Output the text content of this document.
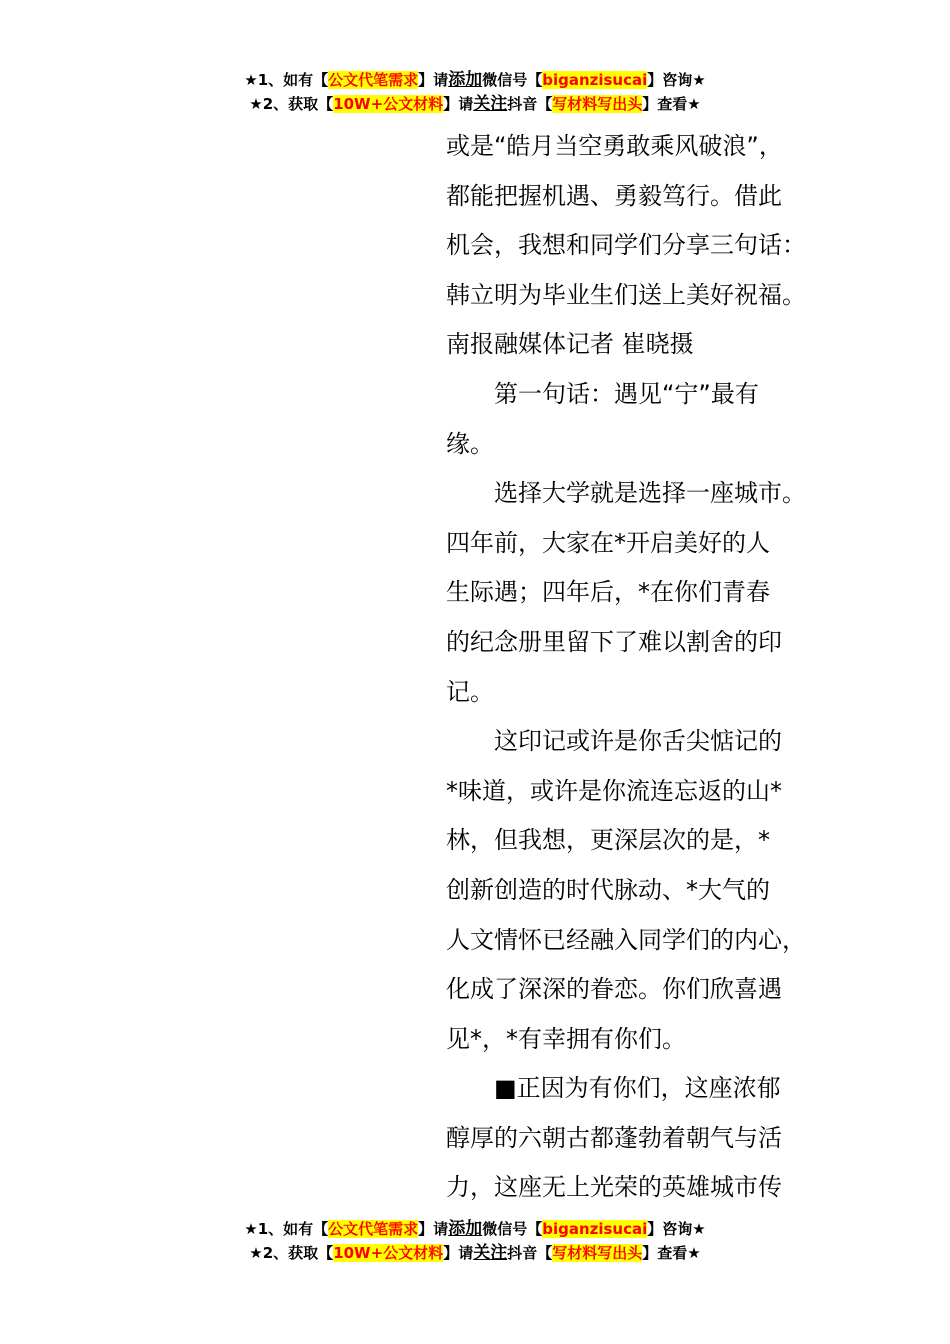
★1、如有【公文代笔需求】请添加微信号【biganzisucai】咨询★
★2、获取【10W+公文材料】请关注抖音【写材料写出头】查看★
或是“皓月当空勇敢乘风破浪”，
都能把握机遇、勇毅笃行。借此
机会，我想和同学们分享三句话：
韩立明为毕业生们送上美好祝福。
南报融媒体记者 崔晓摄
第一句话：遇见“宁”最有
缘。
选择大学就是选择一座城市。
四年前，大家在*开启美好的人
生际遇；四年后，*在你们青春
的纪念册里留下了难以割舍的印
记。
这印记或许是你舌尖惦记的
*味道，或许是你流连忘返的山*
林，但我想，更深层次的是，*
创新创造的时代脉动、*大气的
人文情怀已经融入同学们的内心，
化成了深深的眷恋。你们欣喜遇
见*，*有幸拥有你们。
■正因为有你们，这座浓郁
醇厚的六朝古都蓬勃着朝气与活
力，这座无上光荣的英雄城市传
★1、如有【公文代笔需求】请添加微信号【biganzisucai】咨询★
★2、获取【10W+公文材料】请关注抖音【写材料写出头】查看★
